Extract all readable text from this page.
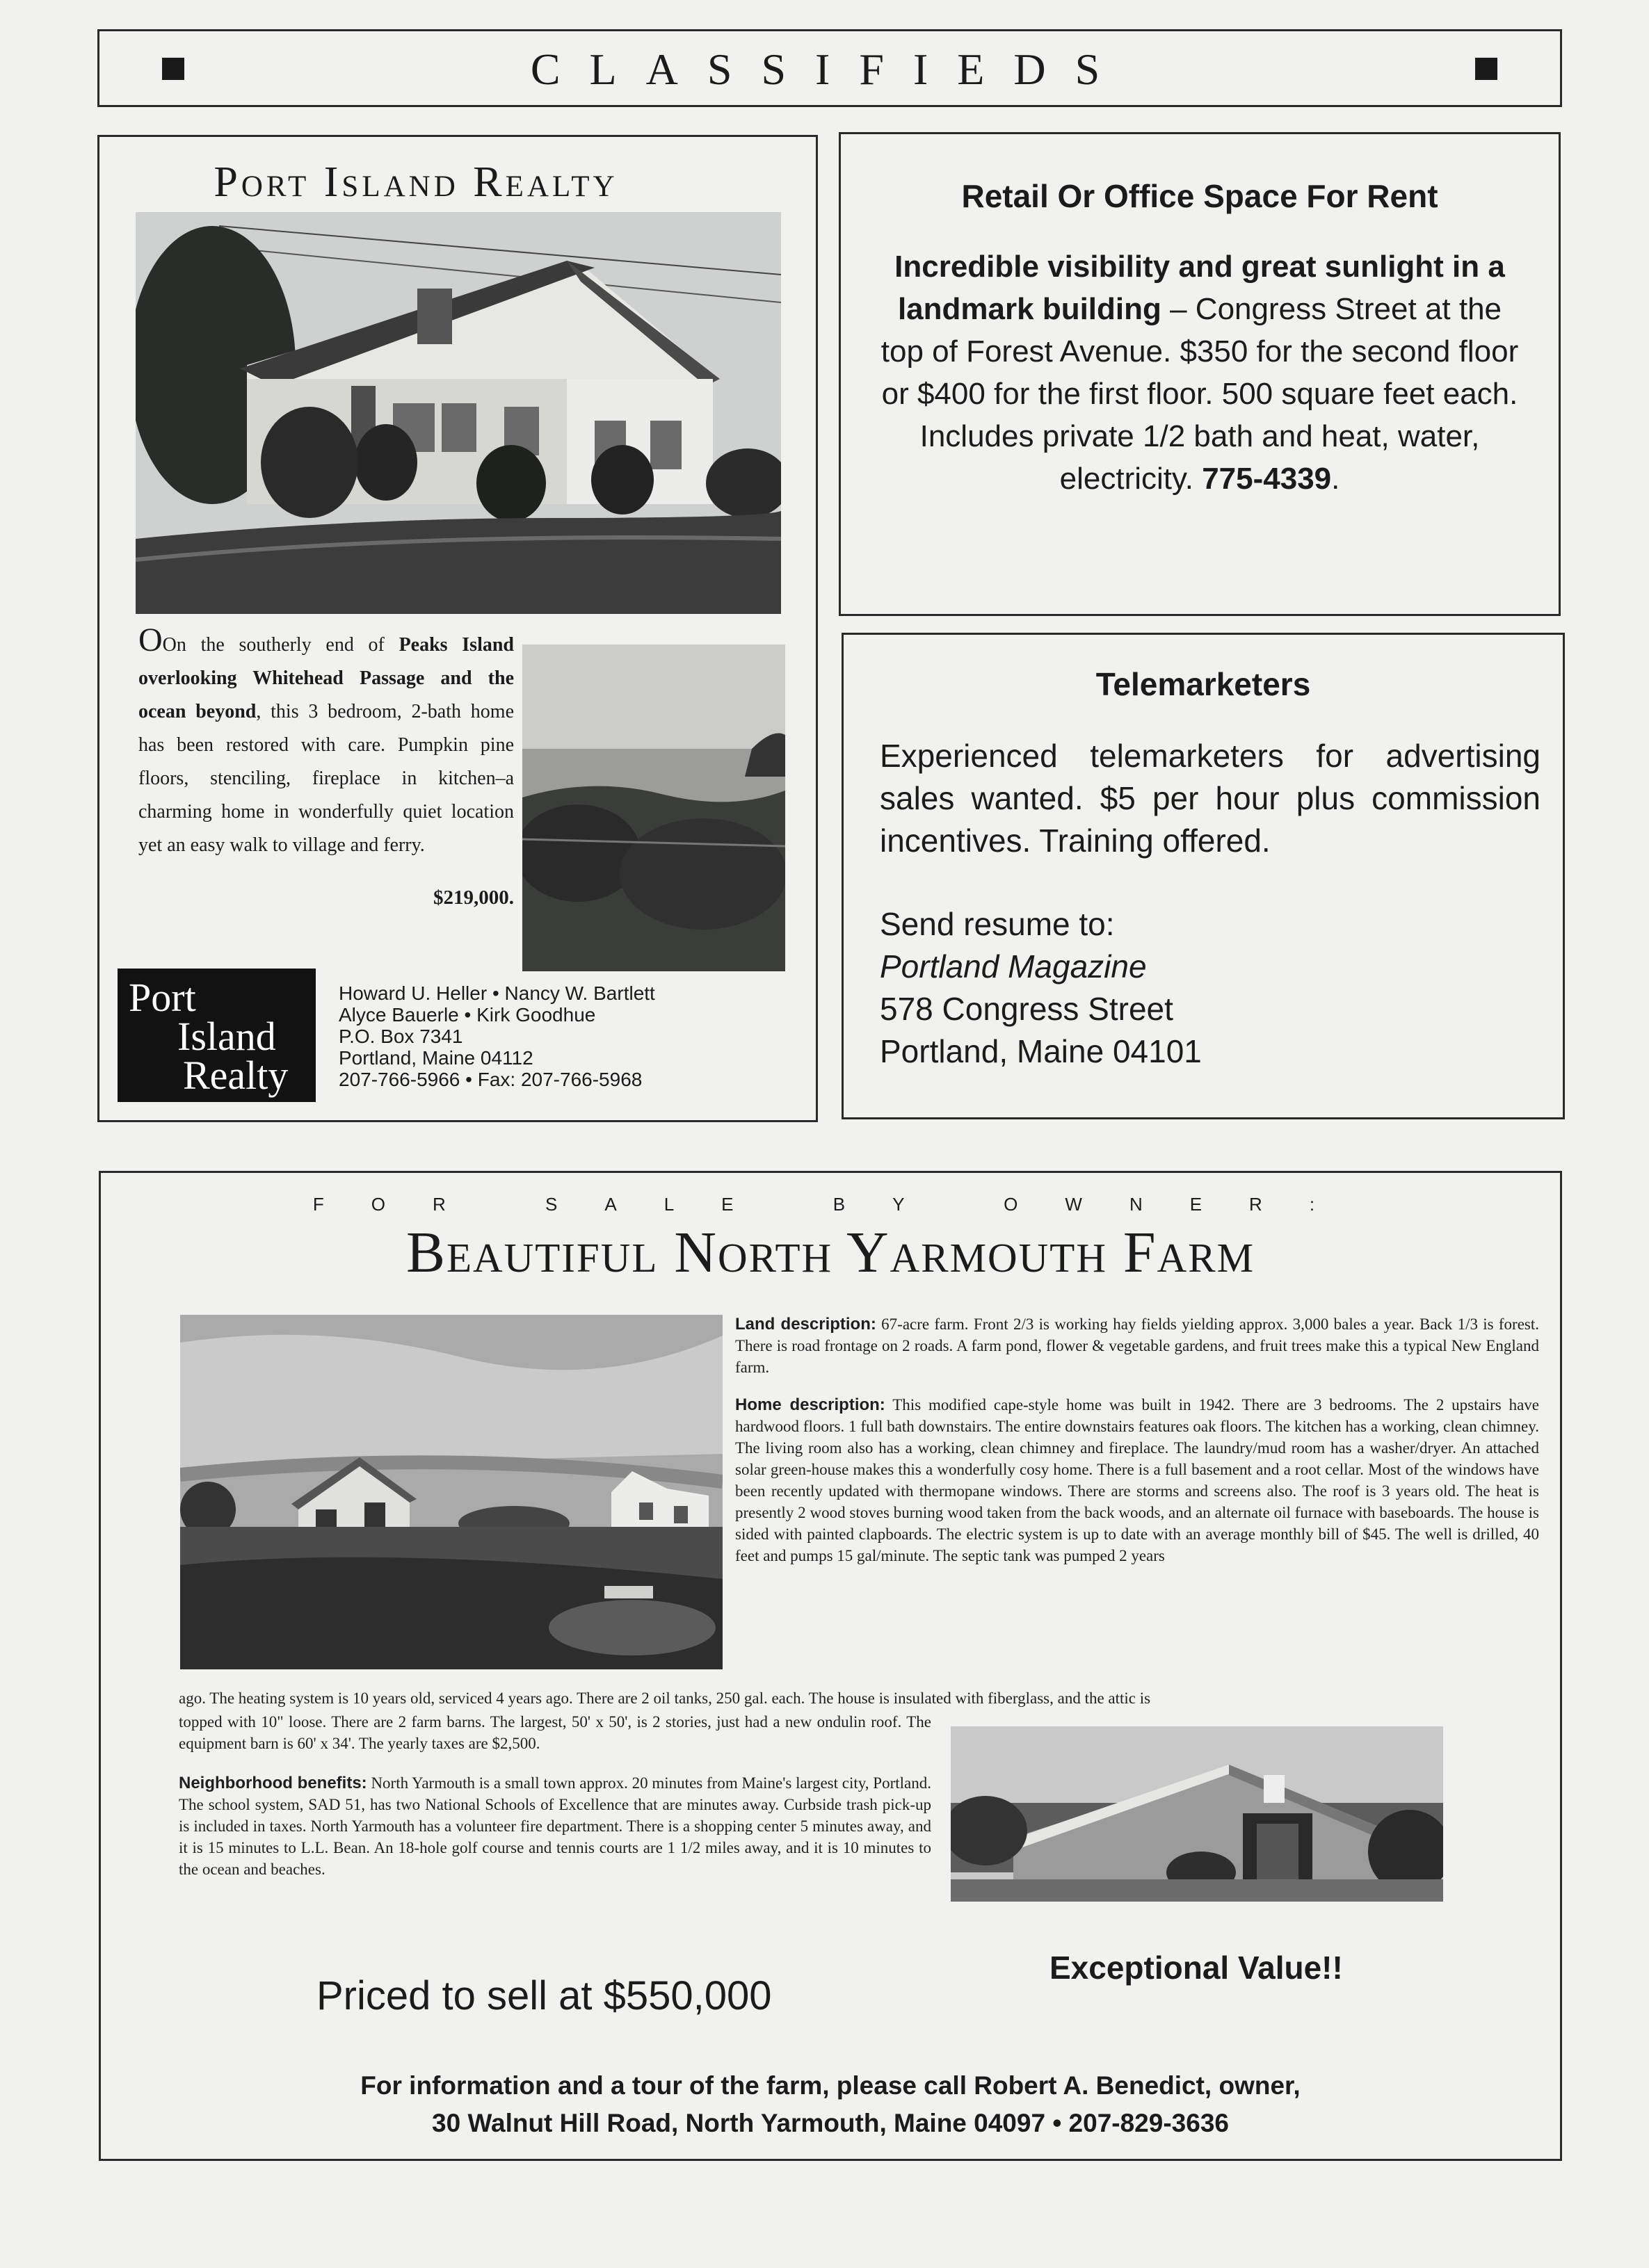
CLASSIFIEDS
Port Island Realty
OOn the southerly end of Peaks Island overlooking Whitehead Passage and the ocean beyond, this 3 bedroom, 2-bath home has been restored with care. Pumpkin pine floors, stenciling, fireplace in kitchen–a charming home in wonderfully quiet location yet an easy walk to village and ferry.
$219,000.
Port
Island
Realty
Howard U. Heller • Nancy W. Bartlett
Alyce Bauerle • Kirk Goodhue
P.O. Box 7341
Portland, Maine 04112
207-766-5966 • Fax: 207-766-5968
Retail Or Office Space For Rent
Incredible visibility and great sunlight in a landmark building – Congress Street at the top of Forest Avenue. $350 for the second floor or $400 for the first floor. 500 square feet each. Includes private 1/2 bath and heat, water, electricity. 775-4339.
Telemarketers
Experienced telemarketers for advertising sales wanted. $5 per hour plus commission incentives. Training offered.
Send resume to:
Portland Magazine
578 Congress Street
Portland, Maine 04101
FOR SALE BY OWNER:
Beautiful North Yarmouth Farm
Land description: 67-acre farm. Front 2/3 is working hay fields yielding approx. 3,000 bales a year. Back 1/3 is forest. There is road frontage on 2 roads. A farm pond, flower & vegetable gardens, and fruit trees make this a typical New England farm.
Home description: This modified cape-style home was built in 1942. There are 3 bedrooms. The 2 upstairs have hardwood floors. 1 full bath downstairs. The entire downstairs features oak floors. The kitchen has a working, clean chimney. The living room also has a working, clean chimney and fireplace. The laundry/mud room has a washer/dryer. An attached solar green-house makes this a wonderfully cosy home. There is a full basement and a root cellar. Most of the windows have been recently updated with thermopane windows. There are storms and screens also. The roof is 3 years old. The heat is presently 2 wood stoves burning wood taken from the back woods, and an alternate oil furnace with baseboards. The house is sided with painted clapboards. The electric system is up to date with an average monthly bill of $45. The well is drilled, 40 feet and pumps 15 gal/minute. The septic tank was pumped 2 years
ago. The heating system is 10 years old, serviced 4 years ago. There are 2 oil tanks, 250 gal. each. The house is insulated with fiberglass, and the attic is
topped with 10" loose. There are 2 farm barns. The largest, 50' x 50', is 2 stories, just had a new ondulin roof. The equipment barn is 60' x 34'. The yearly taxes are $2,500.
Neighborhood benefits: North Yarmouth is a small town approx. 20 minutes from Maine's largest city, Portland. The school system, SAD 51, has two National Schools of Excellence that are minutes away. Curbside trash pick-up is included in taxes. North Yarmouth has a volunteer fire department. There is a shopping center 5 minutes away, and it is 15 minutes to L.L. Bean. An 18-hole golf course and tennis courts are 1 1/2 miles away, and it is 10 minutes to the ocean and beaches.
Exceptional Value!!
Priced to sell at $550,000
For information and a tour of the farm, please call Robert A. Benedict, owner,
30 Walnut Hill Road, North Yarmouth, Maine 04097 • 207-829-3636
